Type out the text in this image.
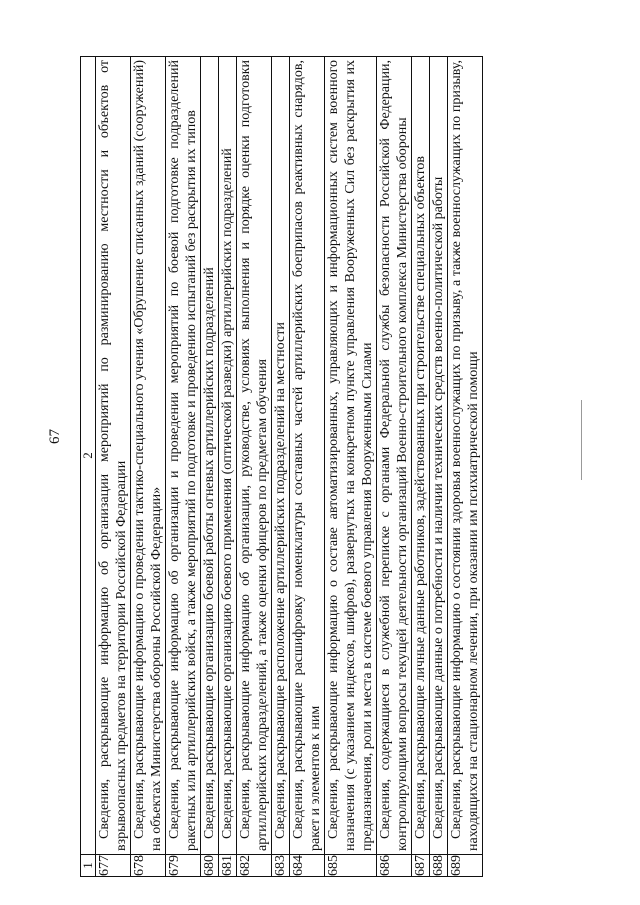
67
1	2
677	Сведения, раскрывающие информацию об организации мероприятий по разминированию местности и объектов от взрывоопасных предметов на территории Российской Федерации
678	Сведения, раскрывающие информацию о проведении тактико-специального учения «Обрушение списанных зданий (сооружений) на объектах Министерства обороны Российской Федерации»
679	Сведения, раскрывающие информацию об организации и проведении мероприятий по боевой подготовке подразделений ракетных или артиллерийских войск, а также мероприятий по подготовке и проведению испытаний без раскрытия их типов
680	Сведения, раскрывающие организацию боевой работы огневых артиллерийских подразделений
681	Сведения, раскрывающие организацию боевого применения (оптической разведки) артиллерийских подразделений
682	Сведения, раскрывающие информацию об организации, руководстве, условиях выполнения и порядке оценки подготовки артиллерийских подразделений, а также оценки офицеров по предметам обучения
683	Сведения, раскрывающие расположение артиллерийских подразделений на местности
684	Сведения, раскрывающие расшифровку номенклатуры составных частей артиллерийских боеприпасов реактивных снарядов, ракет и элементов к ним
685	Сведения, раскрывающие информацию о составе автоматизированных, управляющих и информационных систем военного назначения (с указанием индексов, шифров), развернутых на конкретном пункте управления Вооруженных Сил без раскрытия их предназначения, роли и места в системе боевого управления Вооруженными Силами
686	Сведения, содержащиеся в служебной переписке с органами Федеральной службы безопасности Российской Федерации, контролирующими вопросы текущей деятельности организаций Военно-строительного комплекса Министерства обороны
687	Сведения, раскрывающие личные данные работников, задействованных при строительстве специальных объектов
688	Сведения, раскрывающие данные о потребности и наличии технических средств военно-политической работы
689	Сведения, раскрывающие информацию о состоянии здоровья военнослужащих по призыву, а также военнослужащих по призыву, находящихся на стационарном лечении, при оказании им психиатрической помощи
